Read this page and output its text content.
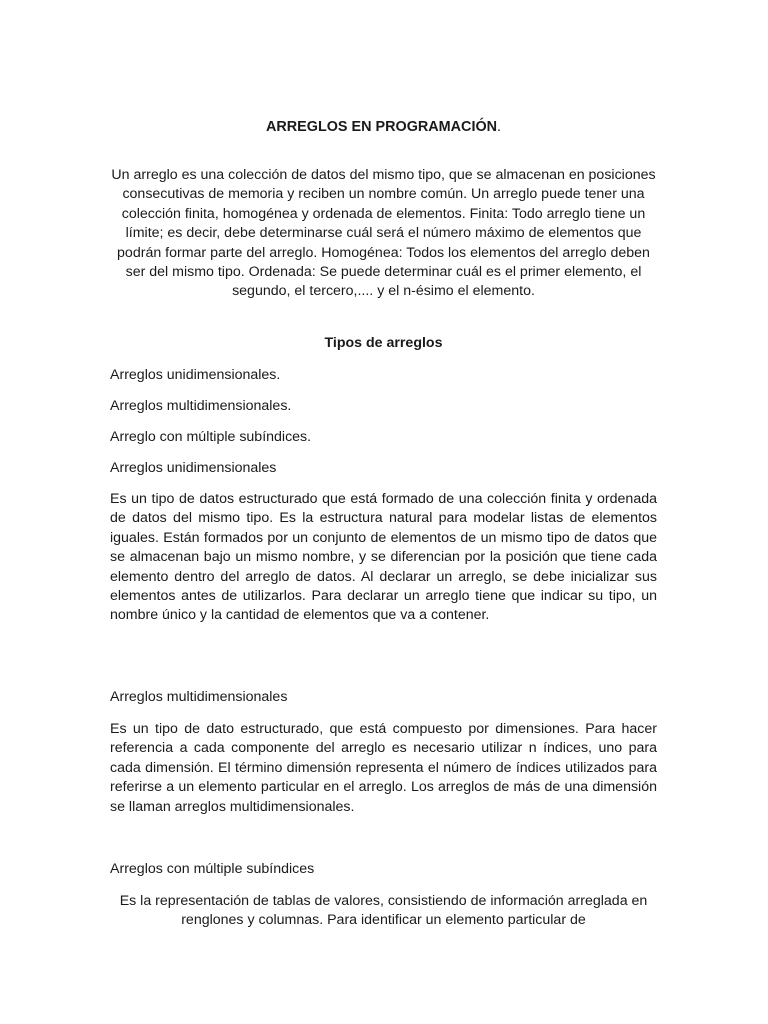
ARREGLOS EN PROGRAMACIÓN.

Un arreglo es una colección de datos del mismo tipo, que se almacenan en posiciones consecutivas de memoria y reciben un nombre común. Un arreglo puede tener una colección finita, homogénea y ordenada de elementos. Finita: Todo arreglo tiene un límite; es decir, debe determinarse cuál será el número máximo de elementos que podrán formar parte del arreglo. Homogénea: Todos los elementos del arreglo deben ser del mismo tipo. Ordenada: Se puede determinar cuál es el primer elemento, el segundo, el tercero,.... y el n-ésimo el elemento.

Tipos de arreglos

Arreglos unidimensionales.

Arreglos multidimensionales.

Arreglo con múltiple subíndices.

Arreglos unidimensionales

Es un tipo de datos estructurado que está formado de una colección finita y ordenada de datos del mismo tipo. Es la estructura natural para modelar listas de elementos iguales. Están formados por un conjunto de elementos de un mismo tipo de datos que se almacenan bajo un mismo nombre, y se diferencian por la posición que tiene cada elemento dentro del arreglo de datos. Al declarar un arreglo, se debe inicializar sus elementos antes de utilizarlos. Para declarar un arreglo tiene que indicar su tipo, un nombre único y la cantidad de elementos que va a contener.

Arreglos multidimensionales

Es un tipo de dato estructurado, que está compuesto por dimensiones. Para hacer referencia a cada componente del arreglo es necesario utilizar n índices, uno para cada dimensión. El término dimensión representa el número de índices utilizados para referirse a un elemento particular en el arreglo. Los arreglos de más de una dimensión se llaman arreglos multidimensionales.

Arreglos con múltiple subíndices

Es la representación de tablas de valores, consistiendo de información arreglada en renglones y columnas. Para identificar un elemento particular de
